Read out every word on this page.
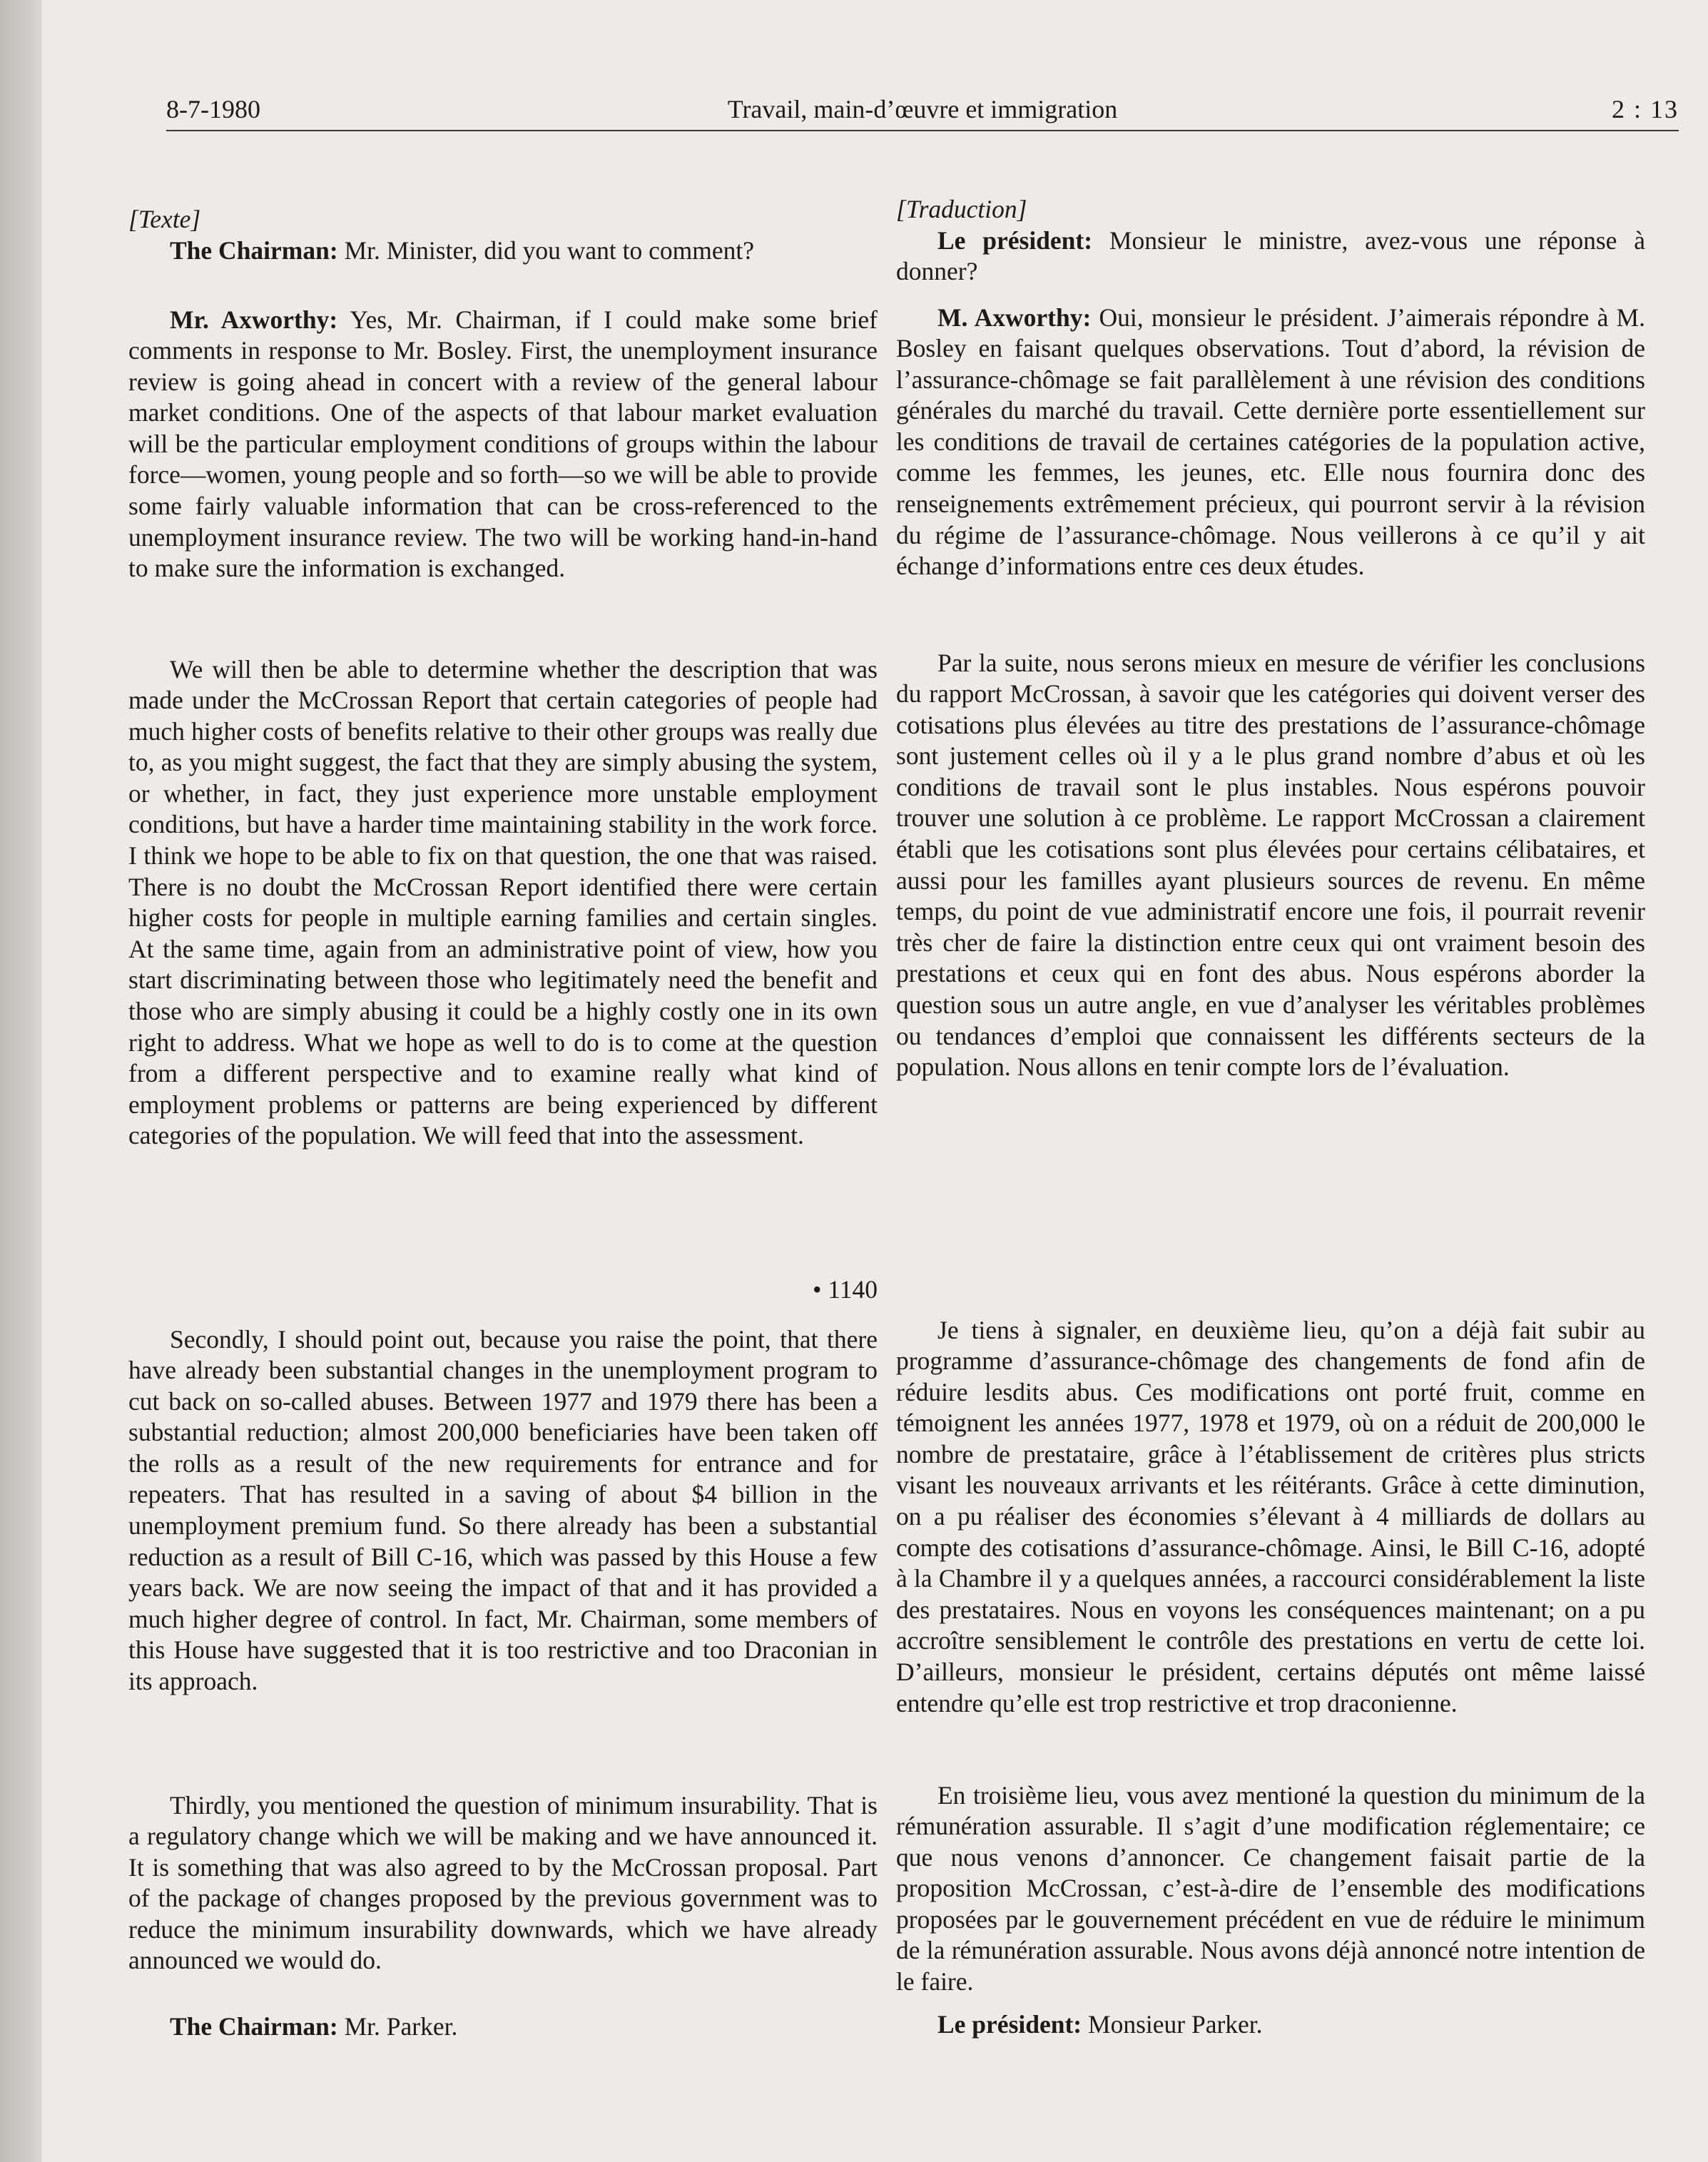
8-7-1980	Travail, main-d’œuvre et immigration	2 : 13

[Texte]

The Chairman: Mr. Minister, did you want to comment?

Mr. Axworthy: Yes, Mr. Chairman, if I could make some brief comments in response to Mr. Bosley. First, the unemployment insurance review is going ahead in concert with a review of the general labour market conditions. One of the aspects of that labour market evaluation will be the particular employment conditions of groups within the labour force—women, young people and so forth—so we will be able to provide some fairly valuable information that can be cross-referenced to the unemployment insurance review. The two will be working hand-in-hand to make sure the information is exchanged.

We will then be able to determine whether the description that was made under the McCrossan Report that certain categories of people had much higher costs of benefits relative to their other groups was really due to, as you might suggest, the fact that they are simply abusing the system, or whether, in fact, they just experience more unstable employment conditions, but have a harder time maintaining stability in the work force. I think we hope to be able to fix on that question, the one that was raised. There is no doubt the McCrossan Report identified there were certain higher costs for people in multiple earning families and certain singles. At the same time, again from an administrative point of view, how you start discriminating between those who legitimately need the benefit and those who are simply abusing it could be a highly costly one in its own right to address. What we hope as well to do is to come at the question from a different perspective and to examine really what kind of employment problems or patterns are being experienced by different categories of the population. We will feed that into the assessment.

• 1140

Secondly, I should point out, because you raise the point, that there have already been substantial changes in the unemployment program to cut back on so-called abuses. Between 1977 and 1979 there has been a substantial reduction; almost 200,000 beneficiaries have been taken off the rolls as a result of the new requirements for entrance and for repeaters. That has resulted in a saving of about $4 billion in the unemployment premium fund. So there already has been a substantial reduction as a result of Bill C-16, which was passed by this House a few years back. We are now seeing the impact of that and it has provided a much higher degree of control. In fact, Mr. Chairman, some members of this House have suggested that it is too restrictive and too Draconian in its approach.

Thirdly, you mentioned the question of minimum insurability. That is a regulatory change which we will be making and we have announced it. It is something that was also agreed to by the McCrossan proposal. Part of the package of changes proposed by the previous government was to reduce the minimum insurability downwards, which we have already announced we would do.

The Chairman: Mr. Parker.

[Traduction]

Le président: Monsieur le ministre, avez-vous une réponse à donner?

M. Axworthy: Oui, monsieur le président. J’aimerais répondre à M. Bosley en faisant quelques observations. Tout d’abord, la révision de l’assurance-chômage se fait parallèlement à une révision des conditions générales du marché du travail. Cette dernière porte essentiellement sur les conditions de travail de certaines catégories de la population active, comme les femmes, les jeunes, etc. Elle nous fournira donc des renseignements extrêmement précieux, qui pourront servir à la révision du régime de l’assurance-chômage. Nous veillerons à ce qu’il y ait échange d’informations entre ces deux études.

Par la suite, nous serons mieux en mesure de vérifier les conclusions du rapport McCrossan, à savoir que les catégories qui doivent verser des cotisations plus élevées au titre des prestations de l’assurance-chômage sont justement celles où il y a le plus grand nombre d’abus et où les conditions de travail sont le plus instables. Nous espérons pouvoir trouver une solution à ce problème. Le rapport McCrossan a clairement établi que les cotisations sont plus élevées pour certains célibataires, et aussi pour les familles ayant plusieurs sources de revenu. En même temps, du point de vue administratif encore une fois, il pourrait revenir très cher de faire la distinction entre ceux qui ont vraiment besoin des prestations et ceux qui en font des abus. Nous espérons aborder la question sous un autre angle, en vue d’analyser les véritables problèmes ou tendances d’emploi que connaissent les différents secteurs de la population. Nous allons en tenir compte lors de l’évaluation.

Je tiens à signaler, en deuxième lieu, qu’on a déjà fait subir au programme d’assurance-chômage des changements de fond afin de réduire lesdits abus. Ces modifications ont porté fruit, comme en témoignent les années 1977, 1978 et 1979, où on a réduit de 200,000 le nombre de prestataire, grâce à l’établissement de critères plus stricts visant les nouveaux arrivants et les réitérants. Grâce à cette diminution, on a pu réaliser des économies s’élevant à 4 milliards de dollars au compte des cotisations d’assurance-chômage. Ainsi, le Bill C-16, adopté à la Chambre il y a quelques années, a raccourci considérablement la liste des prestataires. Nous en voyons les conséquences maintenant; on a pu accroître sensiblement le contrôle des prestations en vertu de cette loi. D’ailleurs, monsieur le président, certains députés ont même laissé entendre qu’elle est trop restrictive et trop draconienne.

En troisième lieu, vous avez mentioné la question du minimum de la rémunération assurable. Il s’agit d’une modification réglementaire; ce que nous venons d’annoncer. Ce changement faisait partie de la proposition McCrossan, c’est-à-dire de l’ensemble des modifications proposées par le gouvernement précédent en vue de réduire le minimum de la rémunération assurable. Nous avons déjà annoncé notre intention de le faire.

Le président: Monsieur Parker.
